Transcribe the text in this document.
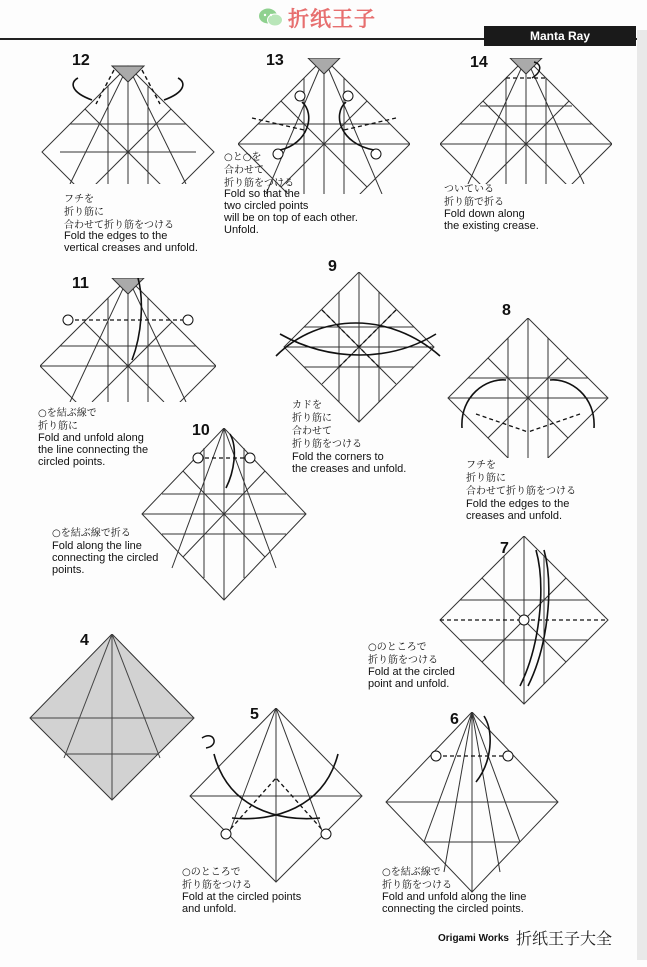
折纸王子
Manta Ray
12
フチを
折り筋に
合わせて折り筋をつける
Fold the edges to the
vertical creases and unfold.
13
○と○を
合わせて
折り筋をつける
Fold so that the
two circled points
will be on top of each other.
Unfold.
14
ついている
折り筋で折る
Fold down along
the existing crease.
11
○を結ぶ線で
折り筋に
Fold and unfold along
the line connecting the
circled points.
9
カドを
折り筋に
合わせて
折り筋をつける
Fold the corners to
the creases and unfold.
8
フチを
折り筋に
合わせて折り筋をつける
Fold the edges to the
creases and unfold.
10
○を結ぶ線で折る
Fold along the line
connecting the circled
points.
7
○のところで
折り筋をつける
Fold at the circled
point and unfold.
4
5
○のところで
折り筋をつける
Fold at the circled points
and unfold.
6
○を結ぶ線で
折り筋をつける
Fold and unfold along the line
connecting the circled points.
Origami Works 折纸王子大全
